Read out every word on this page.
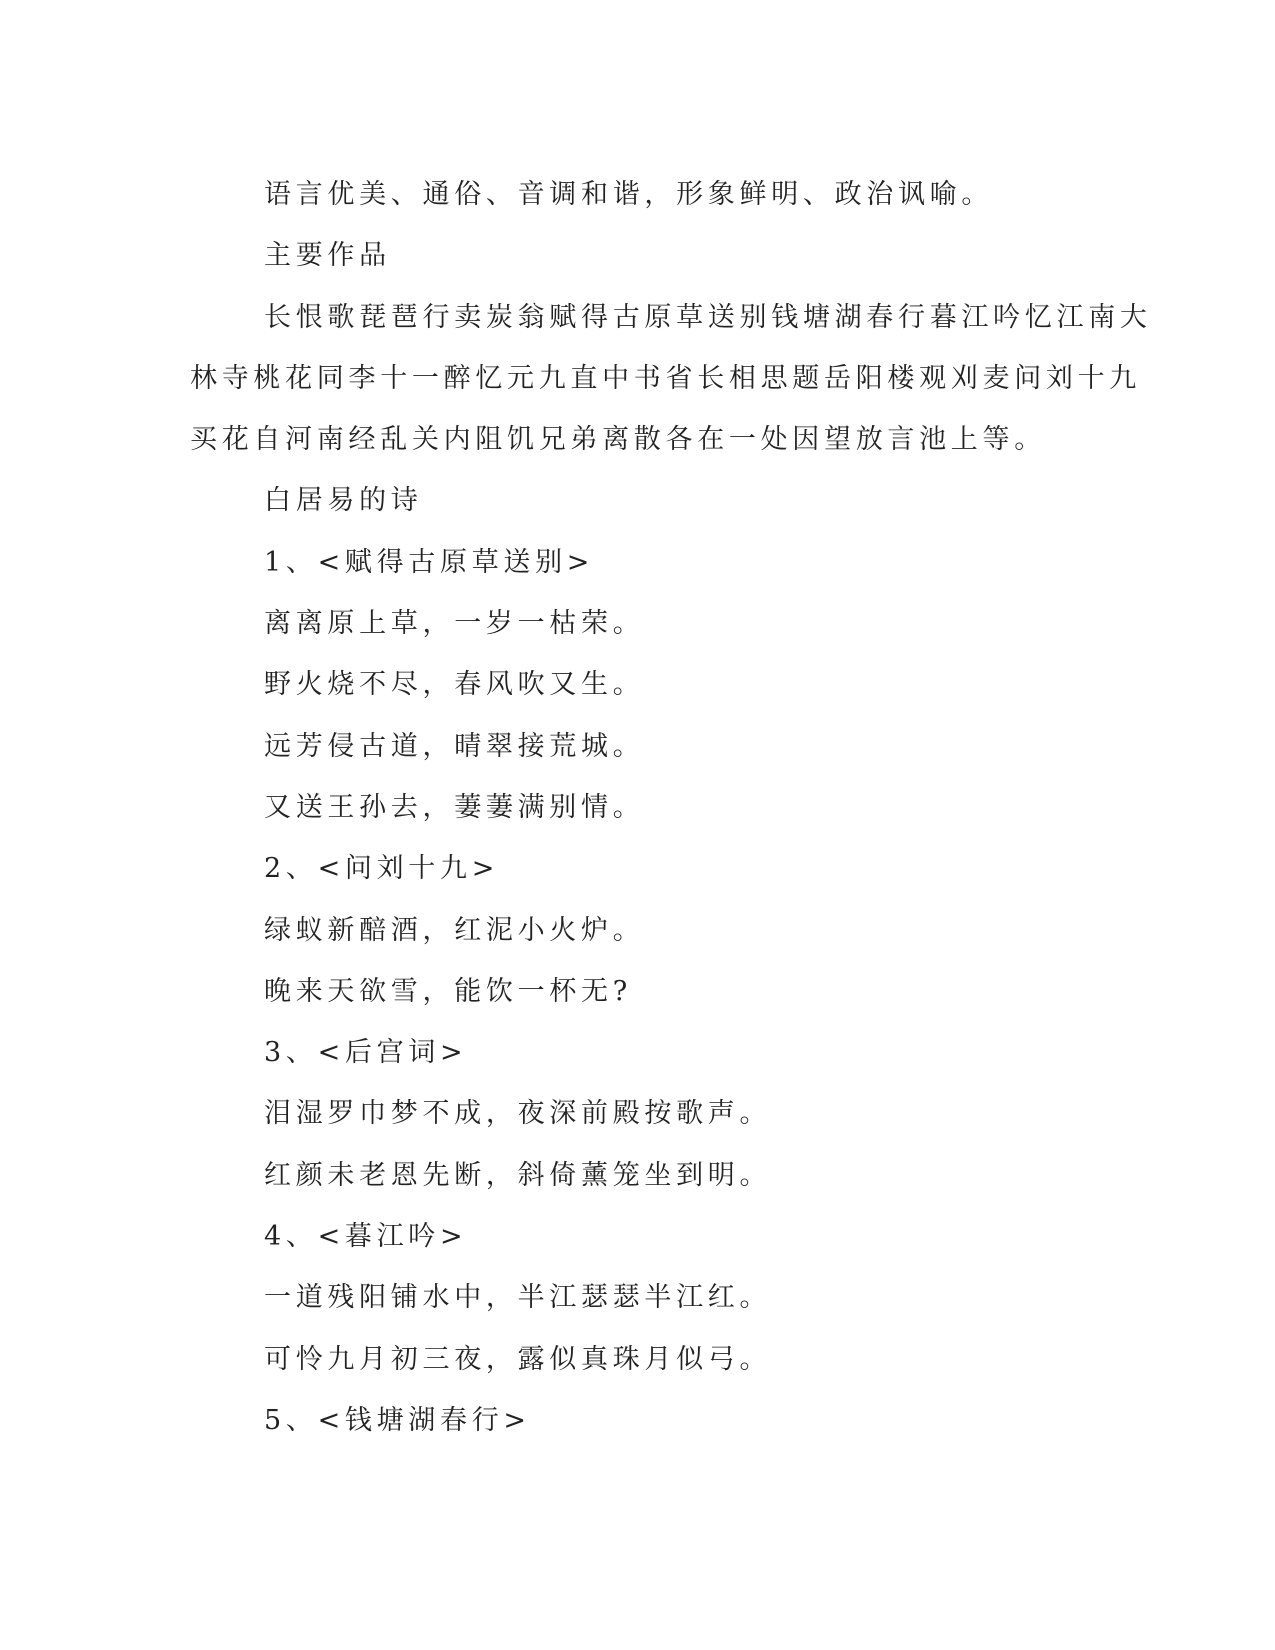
语言优美、通俗、音调和谐，形象鲜明、政治讽喻。

主要作品

长恨歌琵琶行卖炭翁赋得古原草送别钱塘湖春行暮江吟忆江南大

林寺桃花同李十一醉忆元九直中书省长相思题岳阳楼观刈麦问刘十九

买花自河南经乱关内阻饥兄弟离散各在一处因望放言池上等。

白居易的诗

1、<赋得古原草送别>

离离原上草，一岁一枯荣。

野火烧不尽，春风吹又生。

远芳侵古道，晴翠接荒城。

又送王孙去，萋萋满别情。

2、<问刘十九>

绿蚁新醅酒，红泥小火炉。

晚来天欲雪，能饮一杯无?

3、<后宫词>

泪湿罗巾梦不成，夜深前殿按歌声。

红颜未老恩先断，斜倚薰笼坐到明。

4、<暮江吟>

一道残阳铺水中，半江瑟瑟半江红。

可怜九月初三夜，露似真珠月似弓。

5、<钱塘湖春行>
